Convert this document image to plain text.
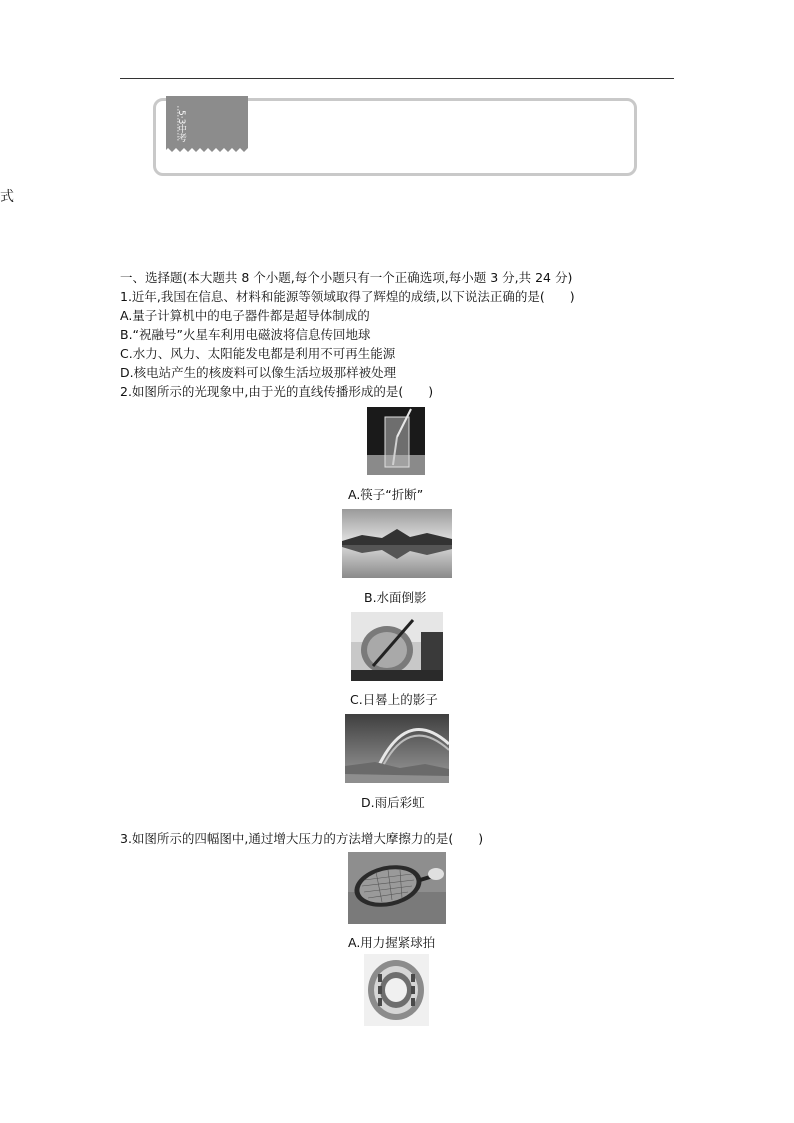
式
5·3中考
一、选择题(本大题共 8 个小题,每个小题只有一个正确选项,每小题 3 分,共 24 分)
1.近年,我国在信息、材料和能源等领域取得了辉煌的成绩,以下说法正确的是(　　)
A.量子计算机中的电子器件都是超导体制成的
B.“祝融号”火星车利用电磁波将信息传回地球
C.水力、风力、太阳能发电都是利用不可再生能源
D.核电站产生的核废料可以像生活垃圾那样被处理
2.如图所示的光现象中,由于光的直线传播形成的是(　　)
A.筷子“折断”
B.水面倒影
C.日晷上的影子
D.雨后彩虹
3.如图所示的四幅图中,通过增大压力的方法增大摩擦力的是(　　)
A.用力握紧球拍
